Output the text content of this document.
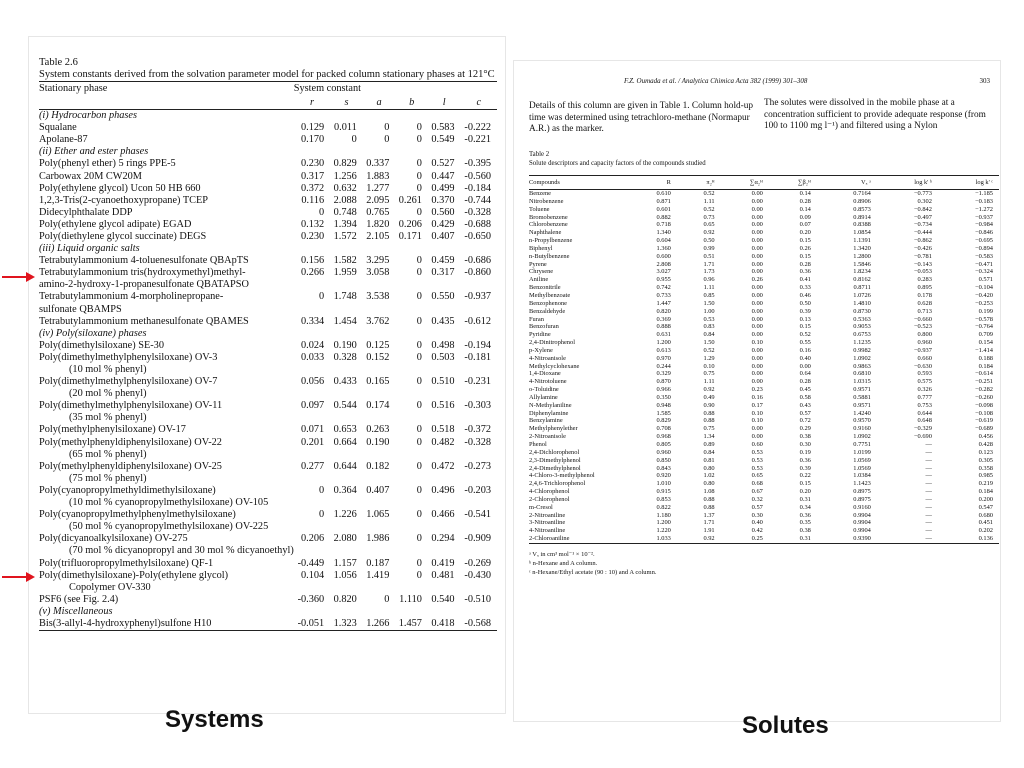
Table 2.6
System constants derived from the solvation parameter model for packed column stationary phases at 121°C
Stationary phase	System constant					
	r	s	a	b	l	c
(i) Hydrocarbon phases						
Squalane	0.129	0.011	0	0	0.583	-0.222
Apolane-87	0.170	0	0	0	0.549	-0.221
(ii) Ether and ester phases						
Poly(phenyl ether) 5 rings PPE-5	0.230	0.829	0.337	0	0.527	-0.395
Carbowax 20M CW20M	0.317	1.256	1.883	0	0.447	-0.560
Poly(ethylene glycol) Ucon 50 HB 660	0.372	0.632	1.277	0	0.499	-0.184
1,2,3-Tris(2-cyanoethoxypropane) TCEP	0.116	2.088	2.095	0.261	0.370	-0.744
Didecylphthalate DDP	0	0.748	0.765	0	0.560	-0.328
Poly(ethylene glycol adipate) EGAD	0.132	1.394	1.820	0.206	0.429	-0.688
Poly(diethylene glycol succinate) DEGS	0.230	1.572	2.105	0.171	0.407	-0.650
(iii) Liquid organic salts						
Tetrabutylammonium 4-toluenesulfonate QBApTS	0.156	1.582	3.295	0	0.459	-0.686
Tetrabutylammonium tris(hydroxymethyl)methyl-	0.266	1.959	3.058	0	0.317	-0.860
amino-2-hydroxy-1-propanesulfonate QBATAPSO						
Tetrabutylammonium 4-morpholinepropane-	0	1.748	3.538	0	0.550	-0.937
sulfonate QBAMPS						
Tetrabutylammonium methanesulfonate QBAMES	0.334	1.454	3.762	0	0.435	-0.612
(iv) Poly(siloxane) phases						
Poly(dimethylsiloxane) SE-30	0.024	0.190	0.125	0	0.498	-0.194
Poly(dimethylmethylphenylsiloxane) OV-3	0.033	0.328	0.152	0	0.503	-0.181
(10 mol % phenyl)						
Poly(dimethylmethylphenylsiloxane) OV-7	0.056	0.433	0.165	0	0.510	-0.231
(20 mol % phenyl)						
Poly(dimethylmethylphenylsiloxane) OV-11	0.097	0.544	0.174	0	0.516	-0.303
(35 mol % phenyl)						
Poly(methylphenylsiloxane) OV-17	0.071	0.653	0.263	0	0.518	-0.372
Poly(methylphenyldiphenylsiloxane) OV-22	0.201	0.664	0.190	0	0.482	-0.328
(65 mol % phenyl)						
Poly(methylphenyldiphenylsiloxane) OV-25	0.277	0.644	0.182	0	0.472	-0.273
(75 mol % phenyl)						
Poly(cyanopropylmethyldimethylsiloxane)	0	0.364	0.407	0	0.496	-0.203
(10 mol % cyanopropylmethylsiloxane) OV-105						
Poly(cyanopropylmethylphenylmethylsiloxane)	0	1.226	1.065	0	0.466	-0.541
(50 mol % cyanopropylmethylsiloxane) OV-225						
Poly(dicyanoalkylsiloxane) OV-275	0.206	2.080	1.986	0	0.294	-0.909
(70 mol % dicyanopropyl and 30 mol % dicyanoethyl)						
Poly(trifluoropropylmethylsiloxane) QF-1	-0.449	1.157	0.187	0	0.419	-0.269
Poly(dimethylsiloxane)-Poly(ethylene glycol)	0.104	1.056	1.419	0	0.481	-0.430
Copolymer OV-330						
PSF6 (see Fig. 2.4)	-0.360	0.820	0	1.110	0.540	-0.510
(v) Miscellaneous						
Bis(3-allyl-4-hydroxyphenyl)sulfone H10	-0.051	1.323	1.266	1.457	0.418	-0.568
F.Z. Oumada et al. / Analytica Chimica Acta 382 (1999) 301–308	303
Details of this column are given in Table 1. Column hold-up time was determined using tetrachloro-methane (Normapur A.R.) as the marker.
The solutes were dissolved in the mobile phase at a concentration sufficient to provide adequate response (from 100 to 1100 mg l⁻¹) and filtered using a Nylon
Table 2
Solute descriptors and capacity factors of the compounds studied
Compounds	R	π₂ᴴ	∑α₂ᴴ	∑β₂ᴴ	Vₓ ᵃ	log k' ᵇ	log k' ᶜ
Benzene	0.610	0.52	0.00	0.14	0.7164	−0.773	−1.185
Nitrobenzene	0.871	1.11	0.00	0.28	0.8906	0.302	−0.183
Toluene	0.601	0.52	0.00	0.14	0.8573	−0.842	−1.272
Bromobenzene	0.882	0.73	0.00	0.09	0.8914	−0.497	−0.937
Chlorobenzene	0.718	0.65	0.00	0.07	0.8388	−0.734	−0.984
Naphthalene	1.340	0.92	0.00	0.20	1.0854	−0.444	−0.846
n-Propylbenzene	0.604	0.50	0.00	0.15	1.1391	−0.862	−0.695
Biphenyl	1.360	0.99	0.00	0.26	1.3420	−0.426	−0.894
n-Butylbenzene	0.600	0.51	0.00	0.15	1.2800	−0.781	−0.583
Pyrene	2.808	1.71	0.00	0.28	1.5846	−0.143	−0.471
Chrysene	3.027	1.73	0.00	0.36	1.8234	−0.053	−0.324
Aniline	0.955	0.96	0.26	0.41	0.8162	0.283	0.571
Benzonitrile	0.742	1.11	0.00	0.33	0.8711	0.895	−0.104
Methylbenzoate	0.733	0.85	0.00	0.46	1.0726	0.178	−0.420
Benzophenone	1.447	1.50	0.00	0.50	1.4810	0.628	−0.253
Benzaldehyde	0.820	1.00	0.00	0.39	0.8730	0.713	0.199
Furan	0.369	0.53	0.00	0.13	0.5363	−0.660	−0.578
Benzofuran	0.888	0.83	0.00	0.15	0.9053	−0.523	−0.764
Pyridine	0.631	0.84	0.00	0.52	0.6753	0.800	0.709
2,4-Dinitrophenol	1.200	1.50	0.10	0.55	1.1235	0.960	0.154
p-Xylene	0.613	0.52	0.00	0.16	0.9982	−0.937	−1.414
4-Nitroanisole	0.970	1.29	0.00	0.40	1.0902	0.660	0.188
Methylcyclohexane	0.244	0.10	0.00	0.00	0.9863	−0.630	0.184
1,4-Dioxane	0.329	0.75	0.00	0.64	0.6810	0.593	−0.614
4-Nitrotoluene	0.870	1.11	0.00	0.28	1.0315	0.575	−0.251
o-Toluidine	0.966	0.92	0.23	0.45	0.9571	0.326	−0.282
Allylamine	0.350	0.49	0.16	0.58	0.5881	0.777	−0.260
N-Methylaniline	0.948	0.90	0.17	0.43	0.9571	0.753	−0.098
Diphenylamine	1.585	0.88	0.10	0.57	1.4240	0.644	−0.108
Benzylamine	0.829	0.88	0.10	0.72	0.9570	0.648	−0.619
Methylphenylether	0.708	0.75	0.00	0.29	0.9160	−0.329	−0.689
2-Nitroanisole	0.968	1.34	0.00	0.38	1.0902	−0.690	0.456
Phenol	0.805	0.89	0.60	0.30	0.7751	—	0.428
2,4-Dichlorophenol	0.960	0.84	0.53	0.19	1.0199	—	0.123
2,3-Dimethylphenol	0.850	0.81	0.53	0.36	1.0569	—	0.305
2,4-Dimethylphenol	0.843	0.80	0.53	0.39	1.0569	—	0.358
4-Chloro-3-methylphenol	0.920	1.02	0.65	0.22	1.0384	—	0.985
2,4,6-Trichlorophenol	1.010	0.80	0.68	0.15	1.1423	—	0.219
4-Chlorophenol	0.915	1.08	0.67	0.20	0.8975	—	0.184
2-Chlorophenol	0.853	0.88	0.32	0.31	0.8975	—	0.200
m-Cresol	0.822	0.88	0.57	0.34	0.9160	—	0.547
2-Nitroaniline	1.180	1.37	0.30	0.36	0.9904	—	0.680
3-Nitroaniline	1.200	1.71	0.40	0.35	0.9904	—	0.451
4-Nitroaniline	1.220	1.91	0.42	0.38	0.9904	—	0.202
2-Chloroaniline	1.033	0.92	0.25	0.31	0.9390	—	0.136
ᵃ Vₓ in cm³ mol⁻¹ × 10⁻².
ᵇ n-Hexane and A column.
ᶜ n-Hexane/Ethyl acetate (90 : 10) and A column.
Systems	Solutes
